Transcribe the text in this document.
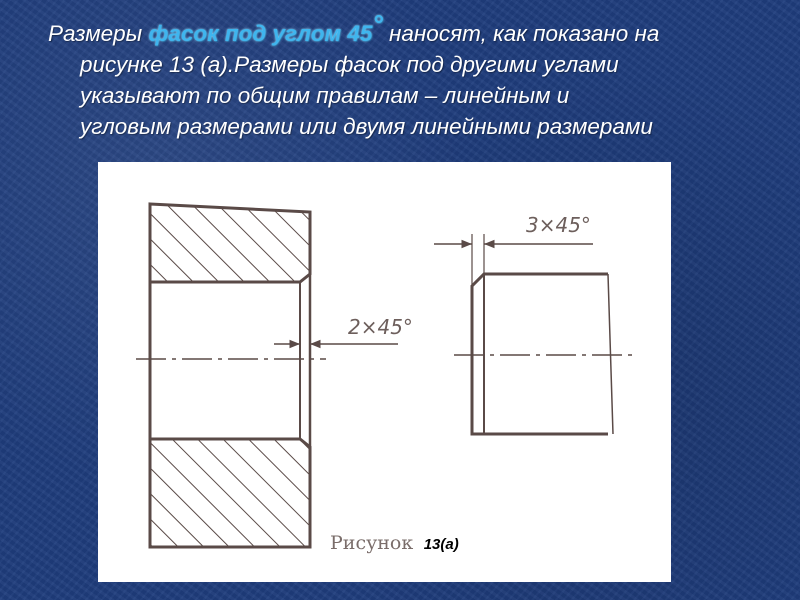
Размеры фасок под углом 45° наносят, как показано на
рисунке 13 (а).Размеры фасок под другими углами
указывают по общим правилам – линейным и
угловым размерами или двумя линейными размерами
2×45°
3×45°
Рисунок 13(а)
